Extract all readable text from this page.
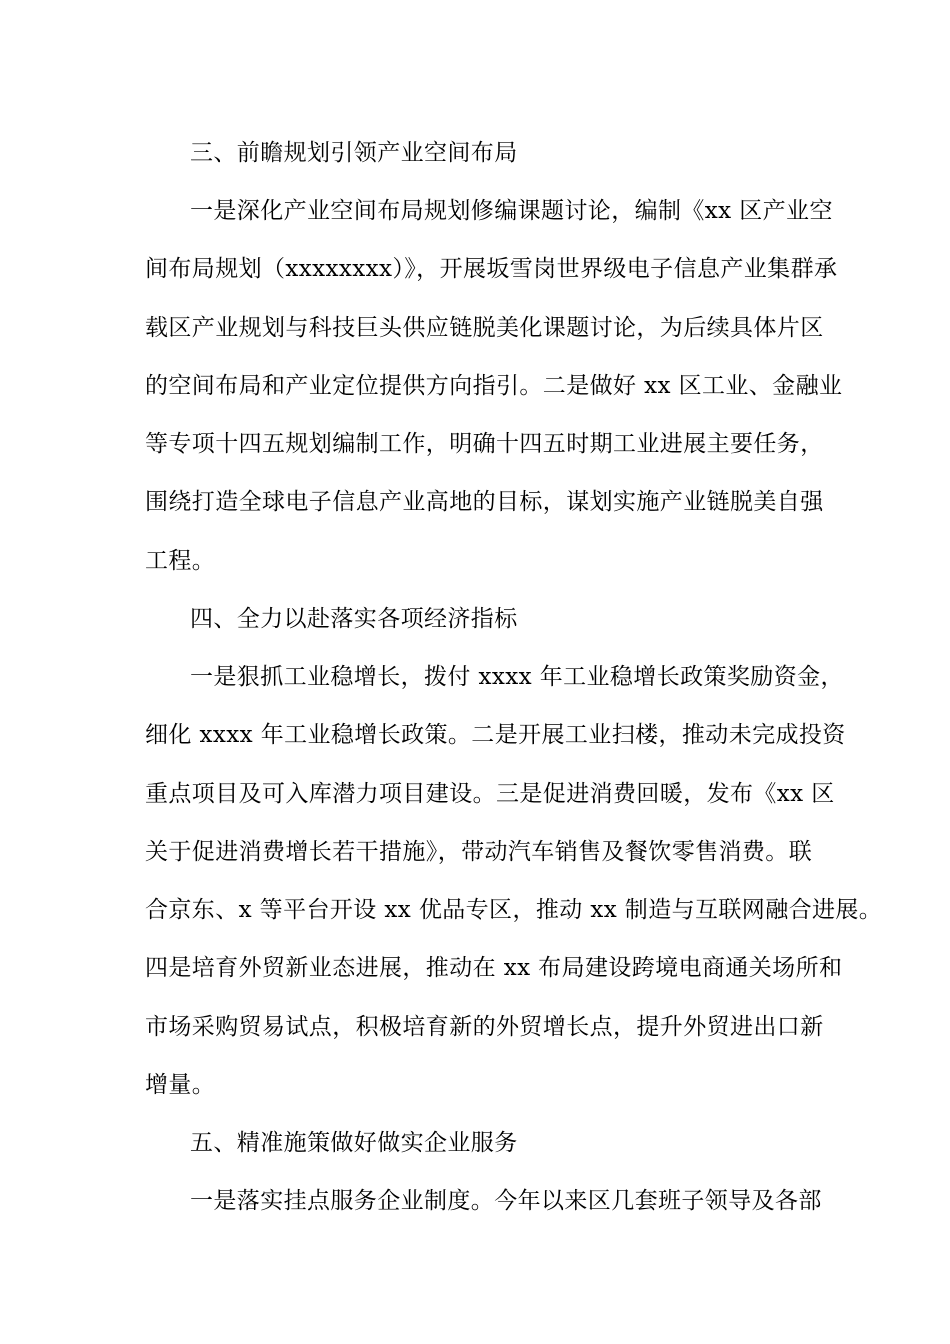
三、前瞻规划引领产业空间布局
一是深化产业空间布局规划修编课题讨论，编制《xx 区产业空
间布局规划（xxxxxxxx）》，开展坂雪岗世界级电子信息产业集群承
载区产业规划与科技巨头供应链脱美化课题讨论，为后续具体片区
的空间布局和产业定位提供方向指引。二是做好 xx 区工业、金融业
等专项十四五规划编制工作，明确十四五时期工业进展主要任务，
围绕打造全球电子信息产业高地的目标，谋划实施产业链脱美自强
工程。
四、全力以赴落实各项经济指标
一是狠抓工业稳增长，拨付 xxxx 年工业稳增长政策奖励资金，
细化 xxxx 年工业稳增长政策。二是开展工业扫楼，推动未完成投资
重点项目及可入库潜力项目建设。三是促进消费回暖，发布《xx 区
关于促进消费增长若干措施》，带动汽车销售及餐饮零售消费。联
合京东、x 等平台开设 xx 优品专区，推动 xx 制造与互联网融合进展。
四是培育外贸新业态进展，推动在 xx 布局建设跨境电商通关场所和
市场采购贸易试点，积极培育新的外贸增长点，提升外贸进出口新
增量。
五、精准施策做好做实企业服务
一是落实挂点服务企业制度。今年以来区几套班子领导及各部
